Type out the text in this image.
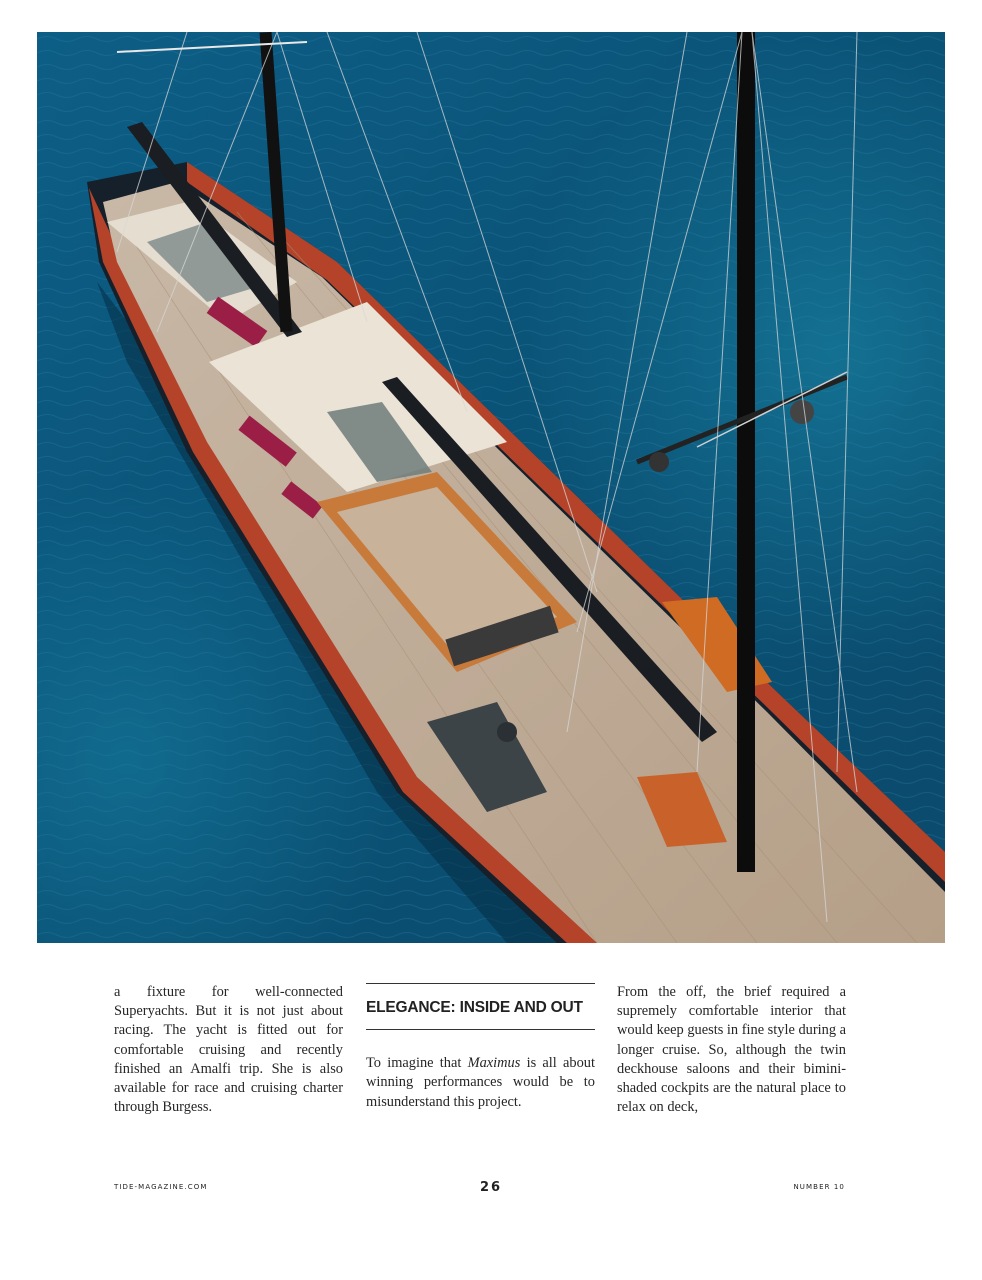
a fixture for well-connected Superyachts. But it is not just about racing. The yacht is fitted out for comfortable cruising and recently finished an Amalfi trip. She is also available for race and cruising charter through Burgess.

ELEGANCE: INSIDE AND OUT

To imagine that Maximus is all about winning performances would be to misunderstand this project.

From the off, the brief required a supremely comfortable interior that would keep guests in fine style during a longer cruise. So, although the twin deckhouse saloons and their bimini-shaded cockpits are the natural place to relax on deck,

TIDE-MAGAZINE.COM	26	NUMBER 10
